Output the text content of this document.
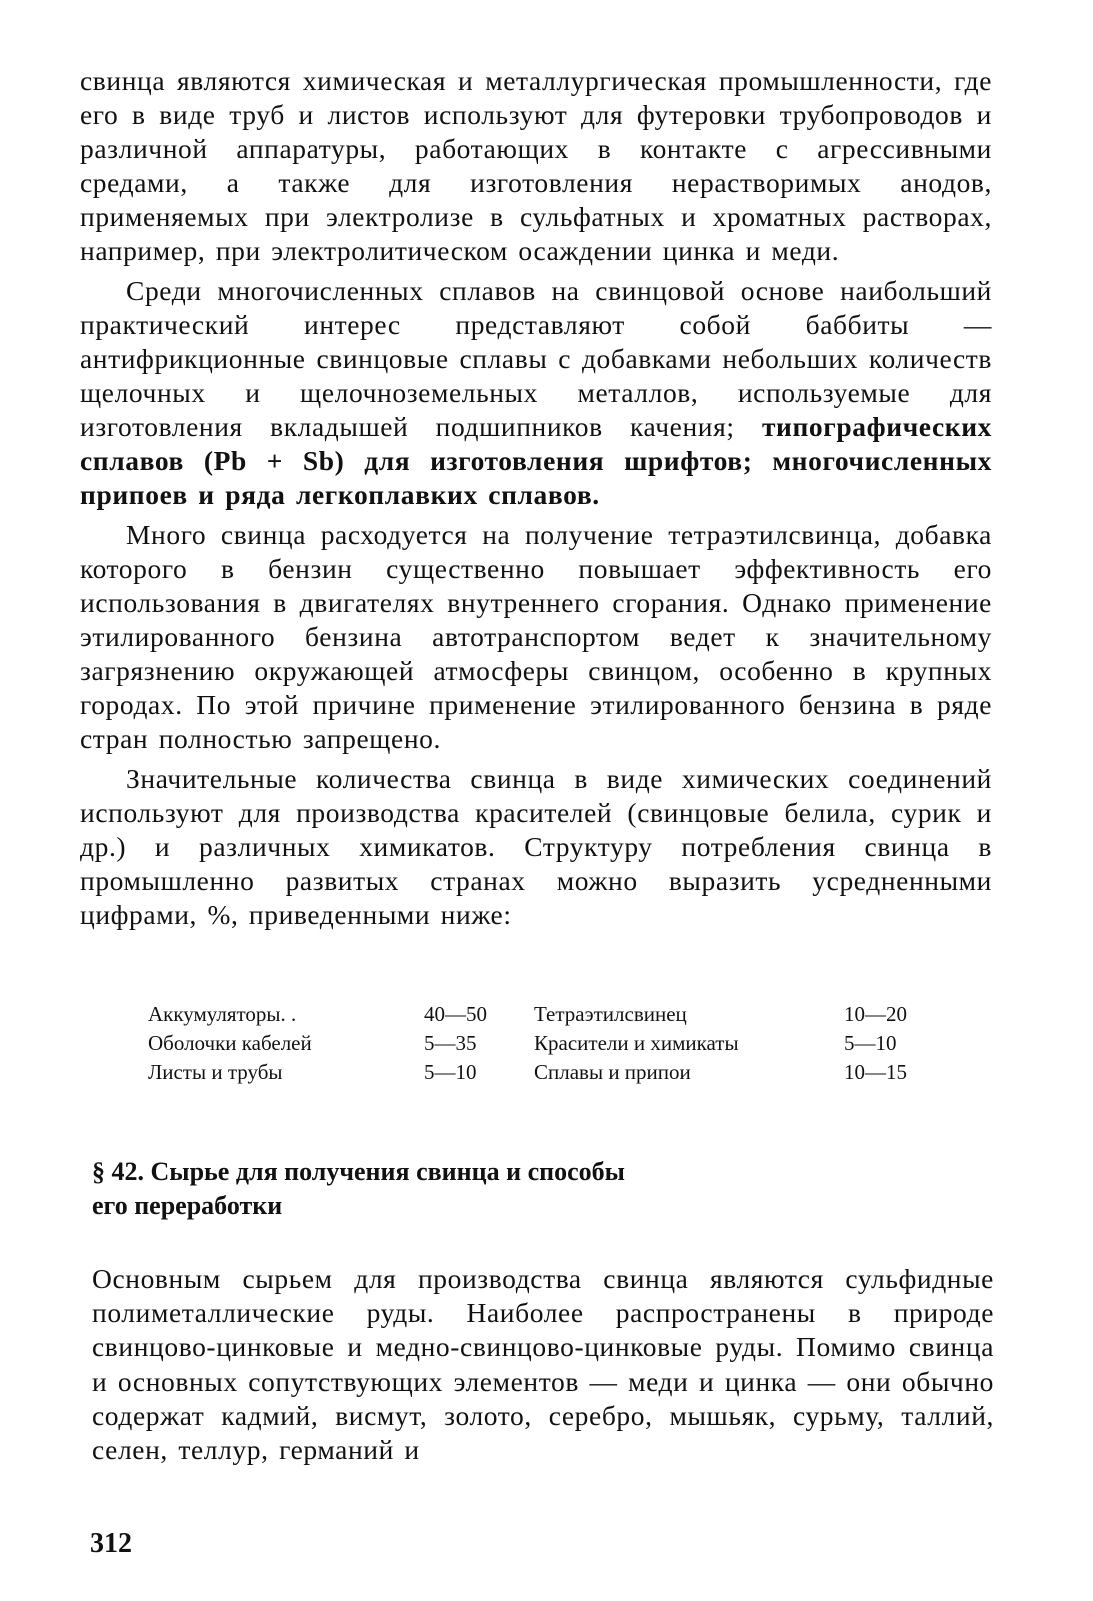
свинца являются химическая и металлургическая промышленности, где его в виде труб и листов используют для футеровки трубопроводов и различной аппаратуры, работающих в контакте с агрессивными средами, а также для изготовления нерастворимых анодов, применяемых при электролизе в сульфатных и хроматных растворах, например, при электролитическом осаждении цинка и меди.

Среди многочисленных сплавов на свинцовой основе наибольший практический интерес представляют собой баббиты — антифрикционные свинцовые сплавы с добавками небольших количеств щелочных и щелочноземельных металлов, используемые для изготовления вкладышей подшипников качения; типографических сплавов (Pb + Sb) для изготовления шрифтов; многочисленных припоев и ряда легкоплавких сплавов.

Много свинца расходуется на получение тетраэтилсвинца, добавка которого в бензин существенно повышает эффективность его использования в двигателях внутреннего сгорания. Однако применение этилированного бензина автотранспортом ведет к значительному загрязнению окружающей атмосферы свинцом, особенно в крупных городах. По этой причине применение этилированного бензина в ряде стран полностью запрещено.

Значительные количества свинца в виде химических соединений используют для производства красителей (свинцовые белила, сурик и др.) и различных химикатов. Структуру потребления свинца в промышленно развитых странах можно выразить усредненными цифрами, %, приведенными ниже:

Аккумуляторы. .	40—50	Тетраэтилсвинец	10—20
Оболочки кабелей	5—35	Красители и химикаты	5—10
Листы и трубы	5—10	Сплавы и припои	10—15
§ 42. Сырье для получения свинца и способы
его переработки

Основным сырьем для производства свинца являются сульфидные полиметаллические руды. Наиболее распространены в природе свинцово-цинковые и медно-свинцово-цинковые руды. Помимо свинца и основных сопутствующих элементов — меди и цинка — они обычно содержат кадмий, висмут, золото, серебро, мышьяк, сурьму, таллий, селен, теллур, германий и

312
